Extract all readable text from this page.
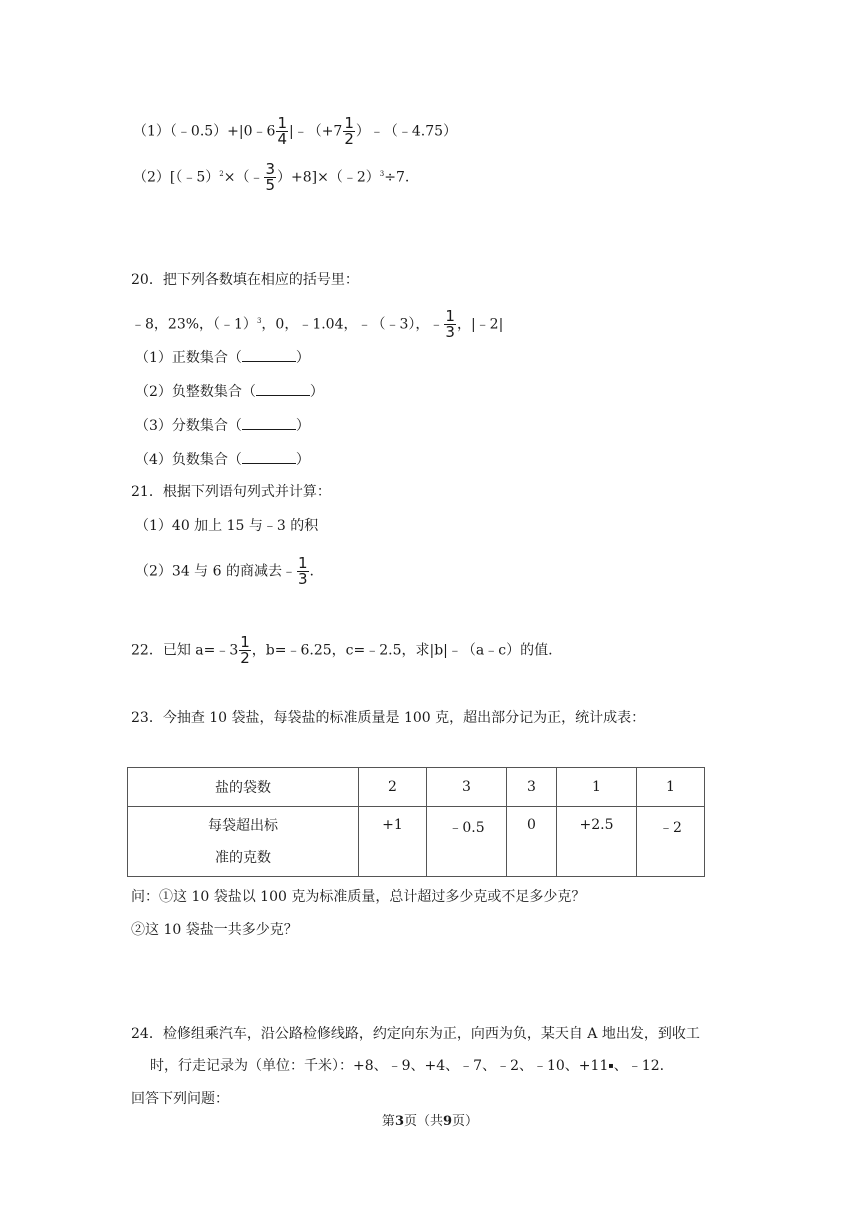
（1）（﹣0.5）+|0﹣6 $\frac{1}{4}$ |﹣（+7 $\frac{1}{2}$ ）﹣（﹣4.75）
（2）[（﹣5）$^2$×（﹣ $\frac{3}{5}$ ）+8]×（﹣2）$^3$÷7.
20．把下列各数填在相应的括号里：
﹣8，23%，（﹣1）$^3$，0，﹣1.04，﹣（﹣3），﹣ $\frac{1}{3}$ ，|﹣2|
（1）正数集合（	）
（2）负整数集合（	）
（3）分数集合（	）
（4）负数集合（	）
21．根据下列语句列式并计算：
（1）40 加上 15 与﹣3 的积
（2）34 与 6 的商减去﹣ $\frac{1}{3}$ .
22．已知 a=﹣3 $\frac{1}{2}$ ，b=﹣6.25，c=﹣2.5，求|b|﹣（a﹣c）的值.
23．今抽查 10 袋盐，每袋盐的标准质量是 100 克，超出部分记为正，统计成表：
盐的袋数	2	3	3	1	1

每袋超出标
准的克数	+1	﹣0.5	0	+2.5	﹣2
问：①这 10 袋盐以 100 克为标准质量，总计超过多少克或不足多少克？
②这 10 袋盐一共多少克？
24．检修组乘汽车，沿公路检修线路，约定向东为正，向西为负，某天自 A 地出发，到收工
时，行走记录为（单位：千米）：+8、﹣9、+4、﹣7、﹣2、﹣10、+11▪、﹣12.
回答下列问题：
第3页（共9页）
